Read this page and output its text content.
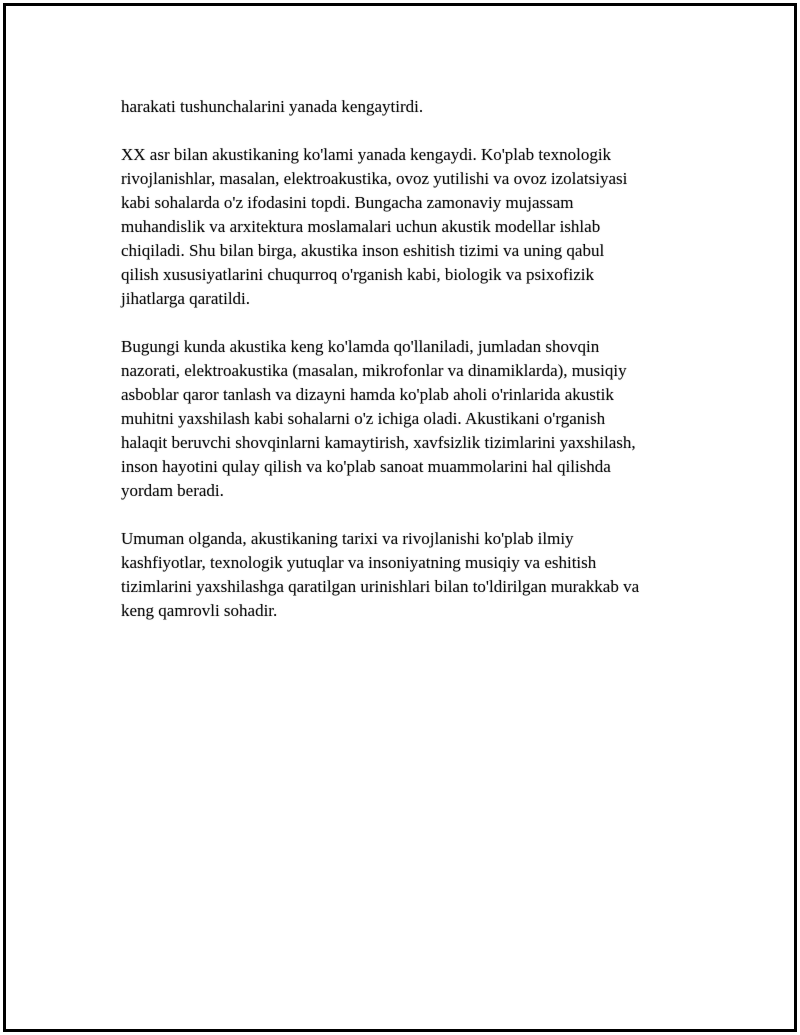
harakati tushunchalarini yanada kengaytirdi.

XX asr bilan akustikaning ko'lami yanada kengaydi. Ko'plab texnologik
rivojlanishlar, masalan, elektroakustika, ovoz yutilishi va ovoz izolatsiyasi
kabi sohalarda o'z ifodasini topdi. Bungacha zamonaviy mujassam
muhandislik va arxitektura moslamalari uchun akustik modellar ishlab
chiqiladi. Shu bilan birga, akustika inson eshitish tizimi va uning qabul
qilish xususiyatlarini chuqurroq o'rganish kabi, biologik va psixofizik
jihatlarga qaratildi.

Bugungi kunda akustika keng ko'lamda qo'llaniladi, jumladan shovqin
nazorati, elektroakustika (masalan, mikrofonlar va dinamiklarda), musiqiy
asboblar qaror tanlash va dizayni hamda ko'plab aholi o'rinlarida akustik
muhitni yaxshilash kabi sohalarni o'z ichiga oladi. Akustikani o'rganish
halaqit beruvchi shovqinlarni kamaytirish, xavfsizlik tizimlarini yaxshilash,
inson hayotini qulay qilish va ko'plab sanoat muammolarini hal qilishda
yordam beradi.

Umuman olganda, akustikaning tarixi va rivojlanishi ko'plab ilmiy
kashfiyotlar, texnologik yutuqlar va insoniyatning musiqiy va eshitish
tizimlarini yaxshilashga qaratilgan urinishlari bilan to'ldirilgan murakkab va
keng qamrovli sohadir.
